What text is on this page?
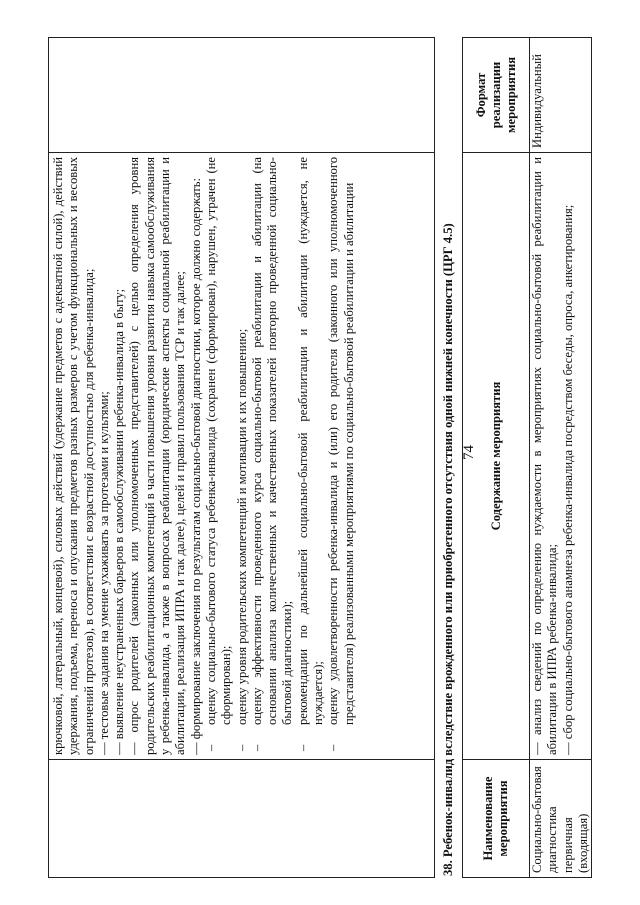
74

крючковой, латеральный, концевой), силовых действий (удержание предметов с адекватной силой), действий удержания, подъема, переноса и опускания предметов разных размеров с учетом функциональных и весовых ограничений протезов), в соответствии с возрастной доступностью для ребенка-инвалида; — тестовые задания на умение ухаживать за протезами и культями; — выявление неустраненных барьеров в самообслуживании ребенка-инвалида в быту; — опрос родителей (законных или уполномоченных представителей) с целью определения уровня родительских реабилитационных компетенций в части повышения уровня развития навыка самообслуживания у ребенка-инвалида, а также в вопросах реабилитации (юридические аспекты социальной реабилитации и абилитации, реализация ИПРА и так далее), целей и правил пользования ТСР и так далее; — формирование заключения по результатам социально-бытовой диагностики, которое должно содержать: – оценку социально-бытового статуса ребенка-инвалида (сохранен (сформирован), нарушен, утрачен (не сформирован); – оценку уровня родительских компетенций и мотивации к их повышению; – оценку эффективности проведенного курса социально-бытовой реабилитации и абилитации (на основании анализа количественных и качественных показателей повторно проведенной социально-бытовой диагностики); – рекомендации по дальнейшей социально-бытовой реабилитации и абилитации (нуждается, не нуждается); – оценку удовлетворенности ребенка-инвалида и (или) его родителя (законного или уполномоченного представителя) реализованными мероприятиями по социально-бытовой реабилитации и абилитации
		38. Ребенок-инвалид вследствие врожденного или приобретенного отсутствия одной нижней конечности (ЦРГ 4.5) Наименование мероприятия	Содержание мероприятия	Формат реализации мероприятия
Социально-бытовая диагностика первичная (входящая)	— анализ сведений по определению нуждаемости в мероприятиях социально-бытовой реабилитации и абилитации в ИПРА ребенка-инвалида; — сбор социально-бытового анамнеза ребенка-инвалида посредством беседы, опроса, анкетирования;	Индивидуальный
